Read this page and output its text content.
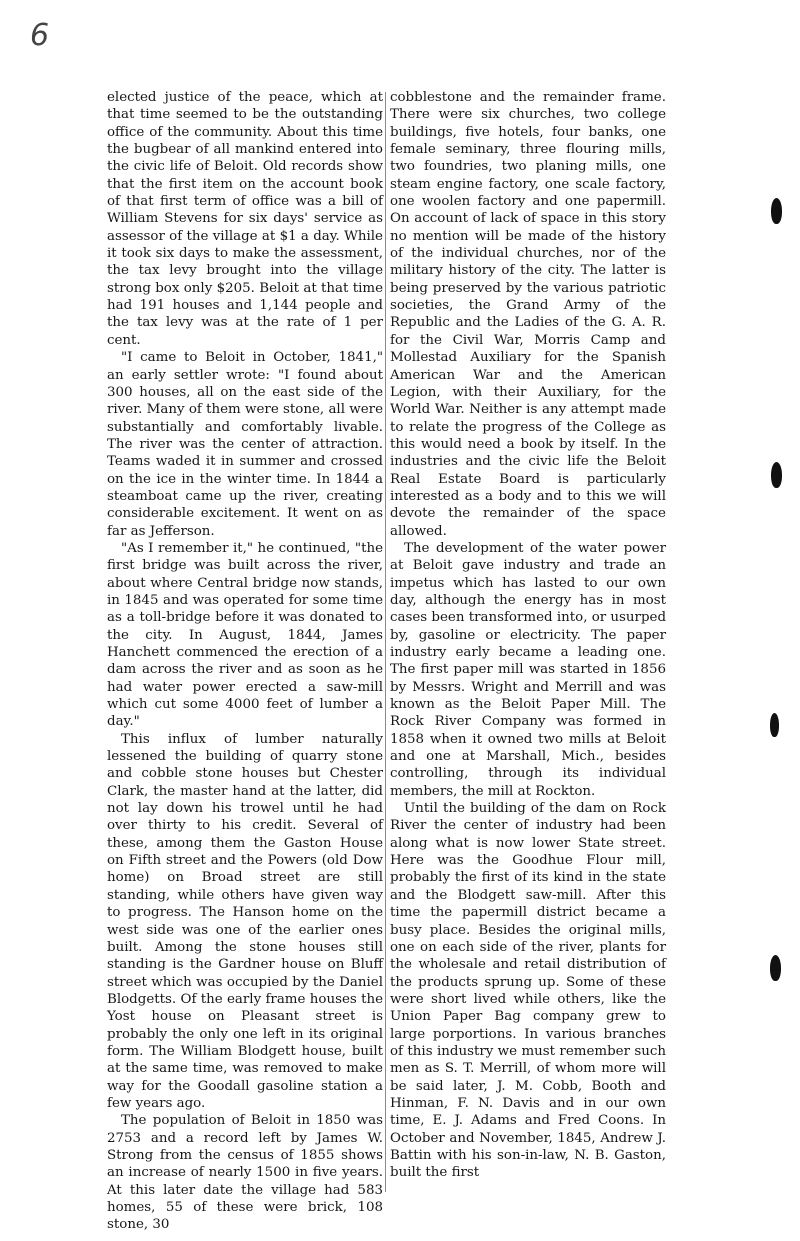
6

elected justice of the peace, which at that time seemed to be the outstanding office of the community. About this time the bugbear of all mankind entered into the civic life of Beloit. Old records show that the first item on the account book of that first term of office was a bill of William Stevens for six days' service as assessor of the village at $1 a day. While it took six days to make the assessment, the tax levy brought into the village strong box only $205. Beloit at that time had 191 houses and 1,144 people and the tax levy was at the rate of 1 per cent.

"I came to Beloit in October, 1841," an early settler wrote: "I found about 300 houses, all on the east side of the river. Many of them were stone, all were substantially and comfortably livable. The river was the center of attraction. Teams waded it in summer and crossed on the ice in the winter time. In 1844 a steamboat came up the river, creating considerable excitement. It went on as far as Jefferson.

"As I remember it," he continued, "the first bridge was built across the river, about where Central bridge now stands, in 1845 and was operated for some time as a toll-bridge before it was donated to the city. In August, 1844, James Hanchett commenced the erection of a dam across the river and as soon as he had water power erected a saw-mill which cut some 4000 feet of lumber a day."

This influx of lumber naturally lessened the building of quarry stone and cobble stone houses but Chester Clark, the master hand at the latter, did not lay down his trowel until he had over thirty to his credit. Several of these, among them the Gaston House on Fifth street and the Powers (old Dow home) on Broad street are still standing, while others have given way to progress. The Hanson home on the west side was one of the earlier ones built. Among the stone houses still standing is the Gardner house on Bluff street which was occupied by the Daniel Blodgetts. Of the early frame houses the Yost house on Pleasant street is probably the only one left in its original form. The William Blodgett house, built at the same time, was removed to make way for the Goodall gasoline station a few years ago.

The population of Beloit in 1850 was 2753 and a record left by James W. Strong from the census of 1855 shows an increase of nearly 1500 in five years. At this later date the village had 583 homes, 55 of these were brick, 108 stone, 30

cobblestone and the remainder frame. There were six churches, two college buildings, five hotels, four banks, one female seminary, three flouring mills, two foundries, two planing mills, one steam engine factory, one scale factory, one woolen factory and one papermill. On account of lack of space in this story no mention will be made of the history of the individual churches, nor of the military history of the city. The latter is being preserved by the various patriotic societies, the Grand Army of the Republic and the Ladies of the G. A. R. for the Civil War, Morris Camp and Mollestad Auxiliary for the Spanish American War and the American Legion, with their Auxiliary, for the World War. Neither is any attempt made to relate the progress of the College as this would need a book by itself. In the industries and the civic life the Beloit Real Estate Board is particularly interested as a body and to this we will devote the remainder of the space allowed.

The development of the water power at Beloit gave industry and trade an impetus which has lasted to our own day, although the energy has in most cases been transformed into, or usurped by, gasoline or electricity. The paper industry early became a leading one. The first paper mill was started in 1856 by Messrs. Wright and Merrill and was known as the Beloit Paper Mill. The Rock River Company was formed in 1858 when it owned two mills at Beloit and one at Marshall, Mich., besides controlling, through its individual members, the mill at Rockton.

Until the building of the dam on Rock River the center of industry had been along what is now lower State street. Here was the Goodhue Flour mill, probably the first of its kind in the state and the Blodgett saw-mill. After this time the papermill district became a busy place. Besides the original mills, one on each side of the river, plants for the wholesale and retail distribution of the products sprung up. Some of these were short lived while others, like the Union Paper Bag company grew to large porportions. In various branches of this industry we must remember such men as S. T. Merrill, of whom more will be said later, J. M. Cobb, Booth and Hinman, F. N. Davis and in our own time, E. J. Adams and Fred Coons. In October and November, 1845, Andrew J. Battin with his son-in-law, N. B. Gaston, built the first
